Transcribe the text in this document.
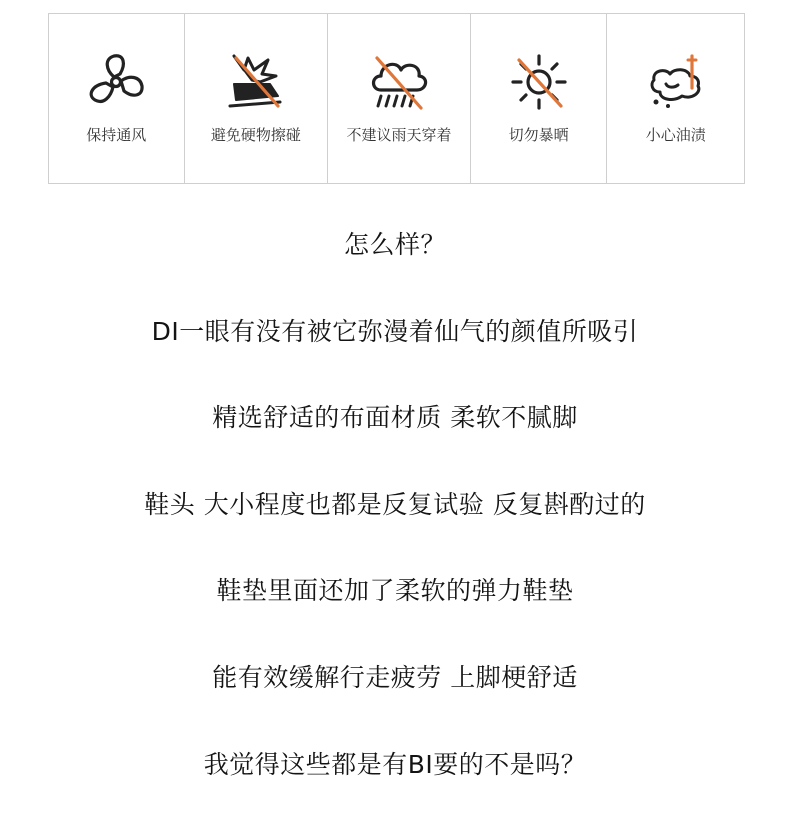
保持通风	避免硬物擦碰	不建议雨天穿着	切勿暴晒	小心油渍
怎么样？
DI一眼有没有被它弥漫着仙气的颜值所吸引
精选舒适的布面材质 柔软不腻脚
鞋头 大小程度也都是反复试验 反复斟酌过的
鞋垫里面还加了柔软的弹力鞋垫
能有效缓解行走疲劳 上脚梗舒适
我觉得这些都是有BI要的不是吗？
